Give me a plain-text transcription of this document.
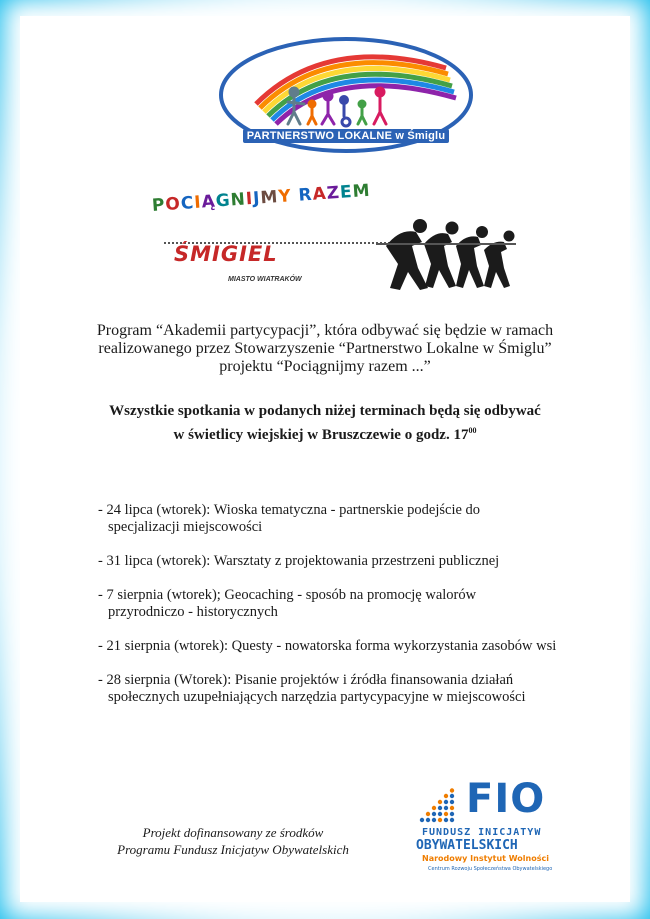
PARTNERSTWO LOKALNE w Śmiglu
POCIĄGNIJMY RAZEM
ŚMIGIEL
MIASTO WIATRAKÓW
Program “Akademii partycypacji”, która odbywać się będzie w ramach
realizowanego przez Stowarzyszenie “Partnerstwo Lokalne w Śmiglu”
projektu “Pociągnijmy razem ...”
Wszystkie spotkania w podanych niżej terminach będą się odbywać
w świetlicy wiejskiej w Bruszczewie o godz. $17^{00}$
- 24 lipca (wtorek): Wioska tematyczna - partnerskie podejście do
specjalizacji miejscowości
- 31 lipca (wtorek): Warsztaty z projektowania przestrzeni publicznej
- 7 sierpnia (wtorek); Geocaching - sposób na promocję walorów
przyrodniczo - historycznych
- 21 sierpnia (wtorek): Questy - nowatorska forma wykorzystania zasobów wsi
- 28 sierpnia (Wtorek): Pisanie projektów i źródła finansowania działań
społecznych uzupełniających narzędzia partycypacyjne w miejscowości
Projekt dofinansowany ze środków
Programu Fundusz Inicjatyw Obywatelskich
FIO
FUNDUSZ INICJATYW
OBYWATELSKICH
Narodowy Instytut Wolności
Centrum Rozwoju Społeczeństwa Obywatelskiego
